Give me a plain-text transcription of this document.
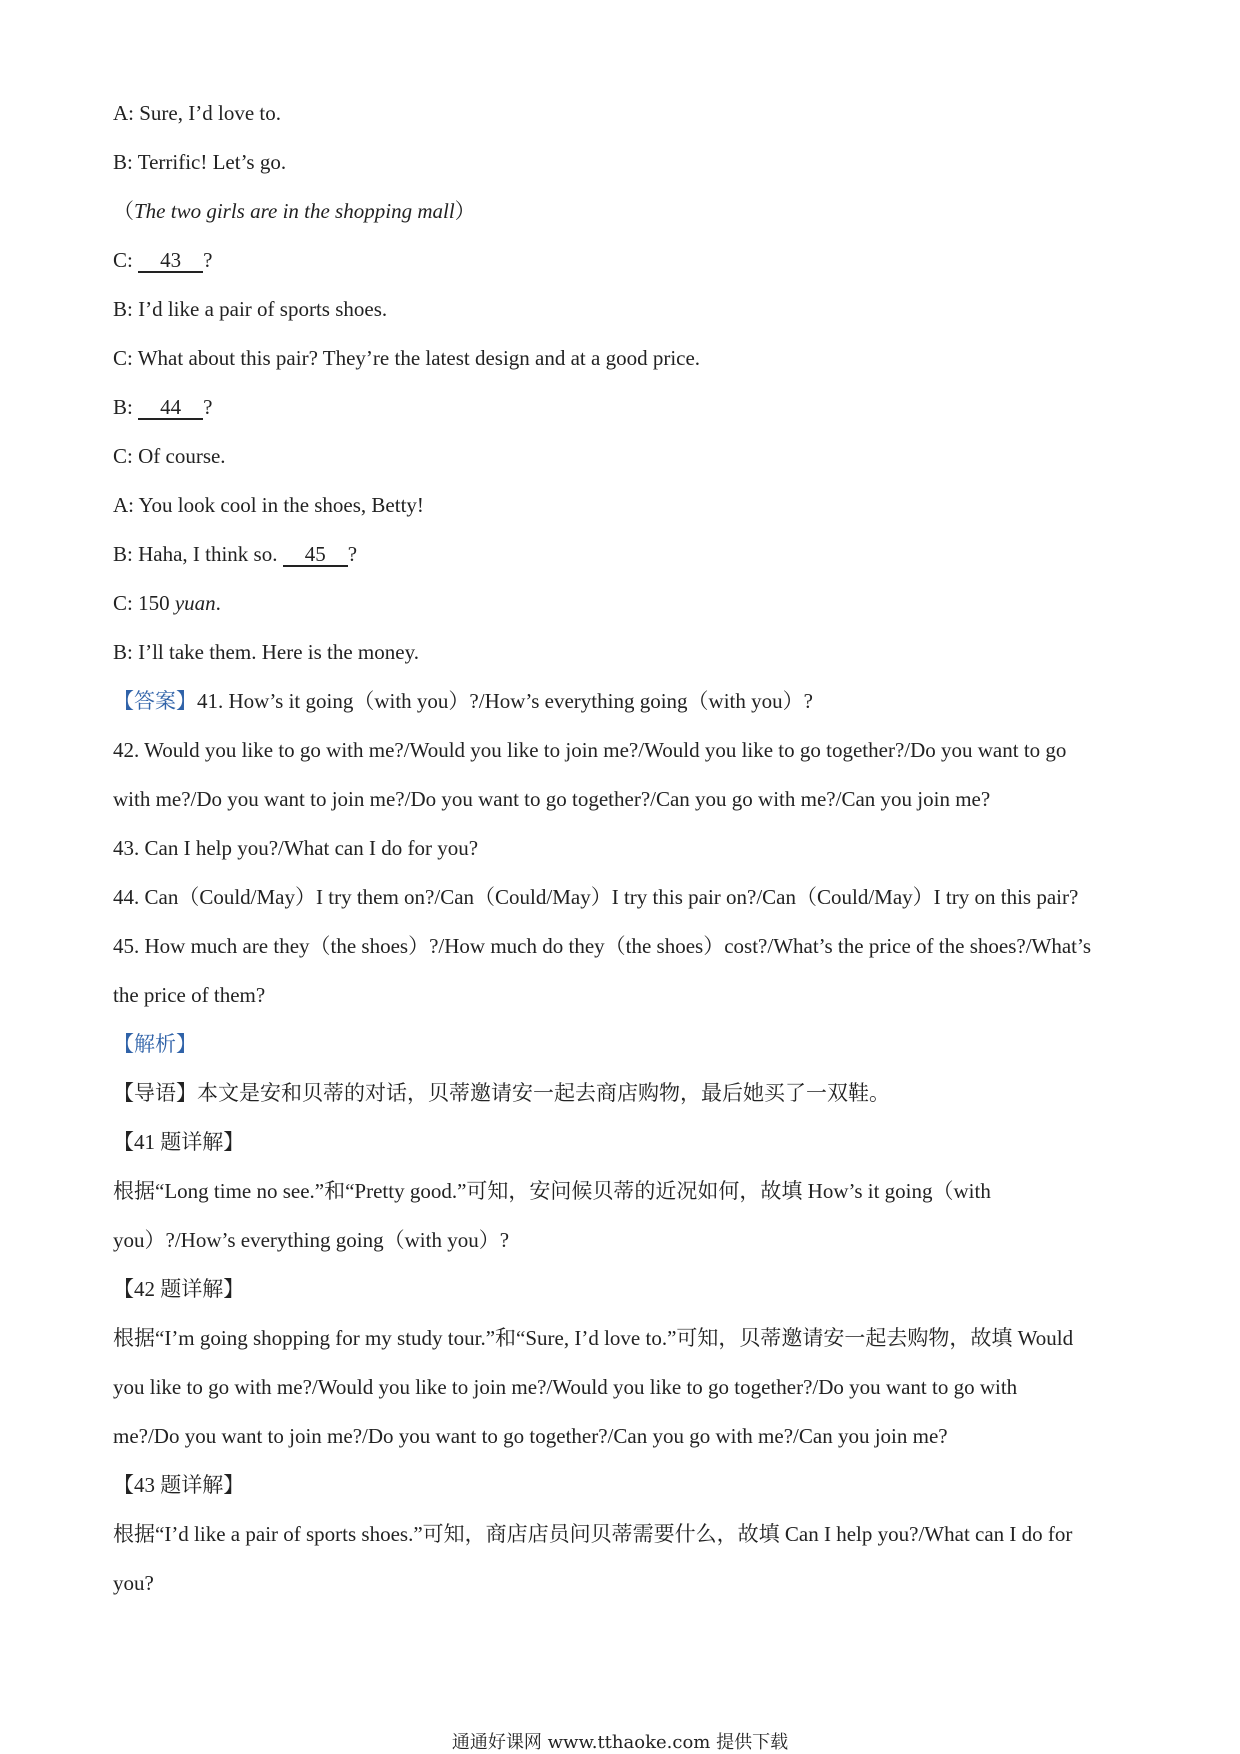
A: Sure, I’d love to.
B: Terrific! Let’s go.
（The two girls are in the shopping mall）
C: 43 ?
B: I’d like a pair of sports shoes.
C: What about this pair? They’re the latest design and at a good price.
B: 44 ?
C: Of course.
A: You look cool in the shoes, Betty!
B: Haha, I think so. 45 ?
C: 150 yuan.
B: I’ll take them. Here is the money.
【答案】41. How’s it going（with you）?/How’s everything going（with you）?
42. Would you like to go with me?/Would you like to join me?/Would you like to go together?/Do you want to go
with me?/Do you want to join me?/Do you want to go together?/Can you go with me?/Can you join me?
43. Can I help you?/What can I do for you?
44. Can（Could/May）I try them on?/Can（Could/May）I try this pair on?/Can（Could/May）I try on this pair?
45. How much are they（the shoes）?/How much do they（the shoes）cost?/What’s the price of the shoes?/What’s
the price of them?
【解析】
【导语】本文是安和贝蒂的对话，贝蒂邀请安一起去商店购物，最后她买了一双鞋。
【41 题详解】
根据“Long time no see.”和“Pretty good.”可知，安问候贝蒂的近况如何，故填 How’s it going（with
you）?/How’s everything going（with you）?
【42 题详解】
根据“I’m going shopping for my study tour.”和“Sure, I’d love to.”可知，贝蒂邀请安一起去购物，故填 Would
you like to go with me?/Would you like to join me?/Would you like to go together?/Do you want to go with
me?/Do you want to join me?/Do you want to go together?/Can you go with me?/Can you join me?
【43 题详解】
根据“I’d like a pair of sports shoes.”可知，商店店员问贝蒂需要什么，故填 Can I help you?/What can I do for
you?
通通好课网 www.tthaoke.com 提供下载
